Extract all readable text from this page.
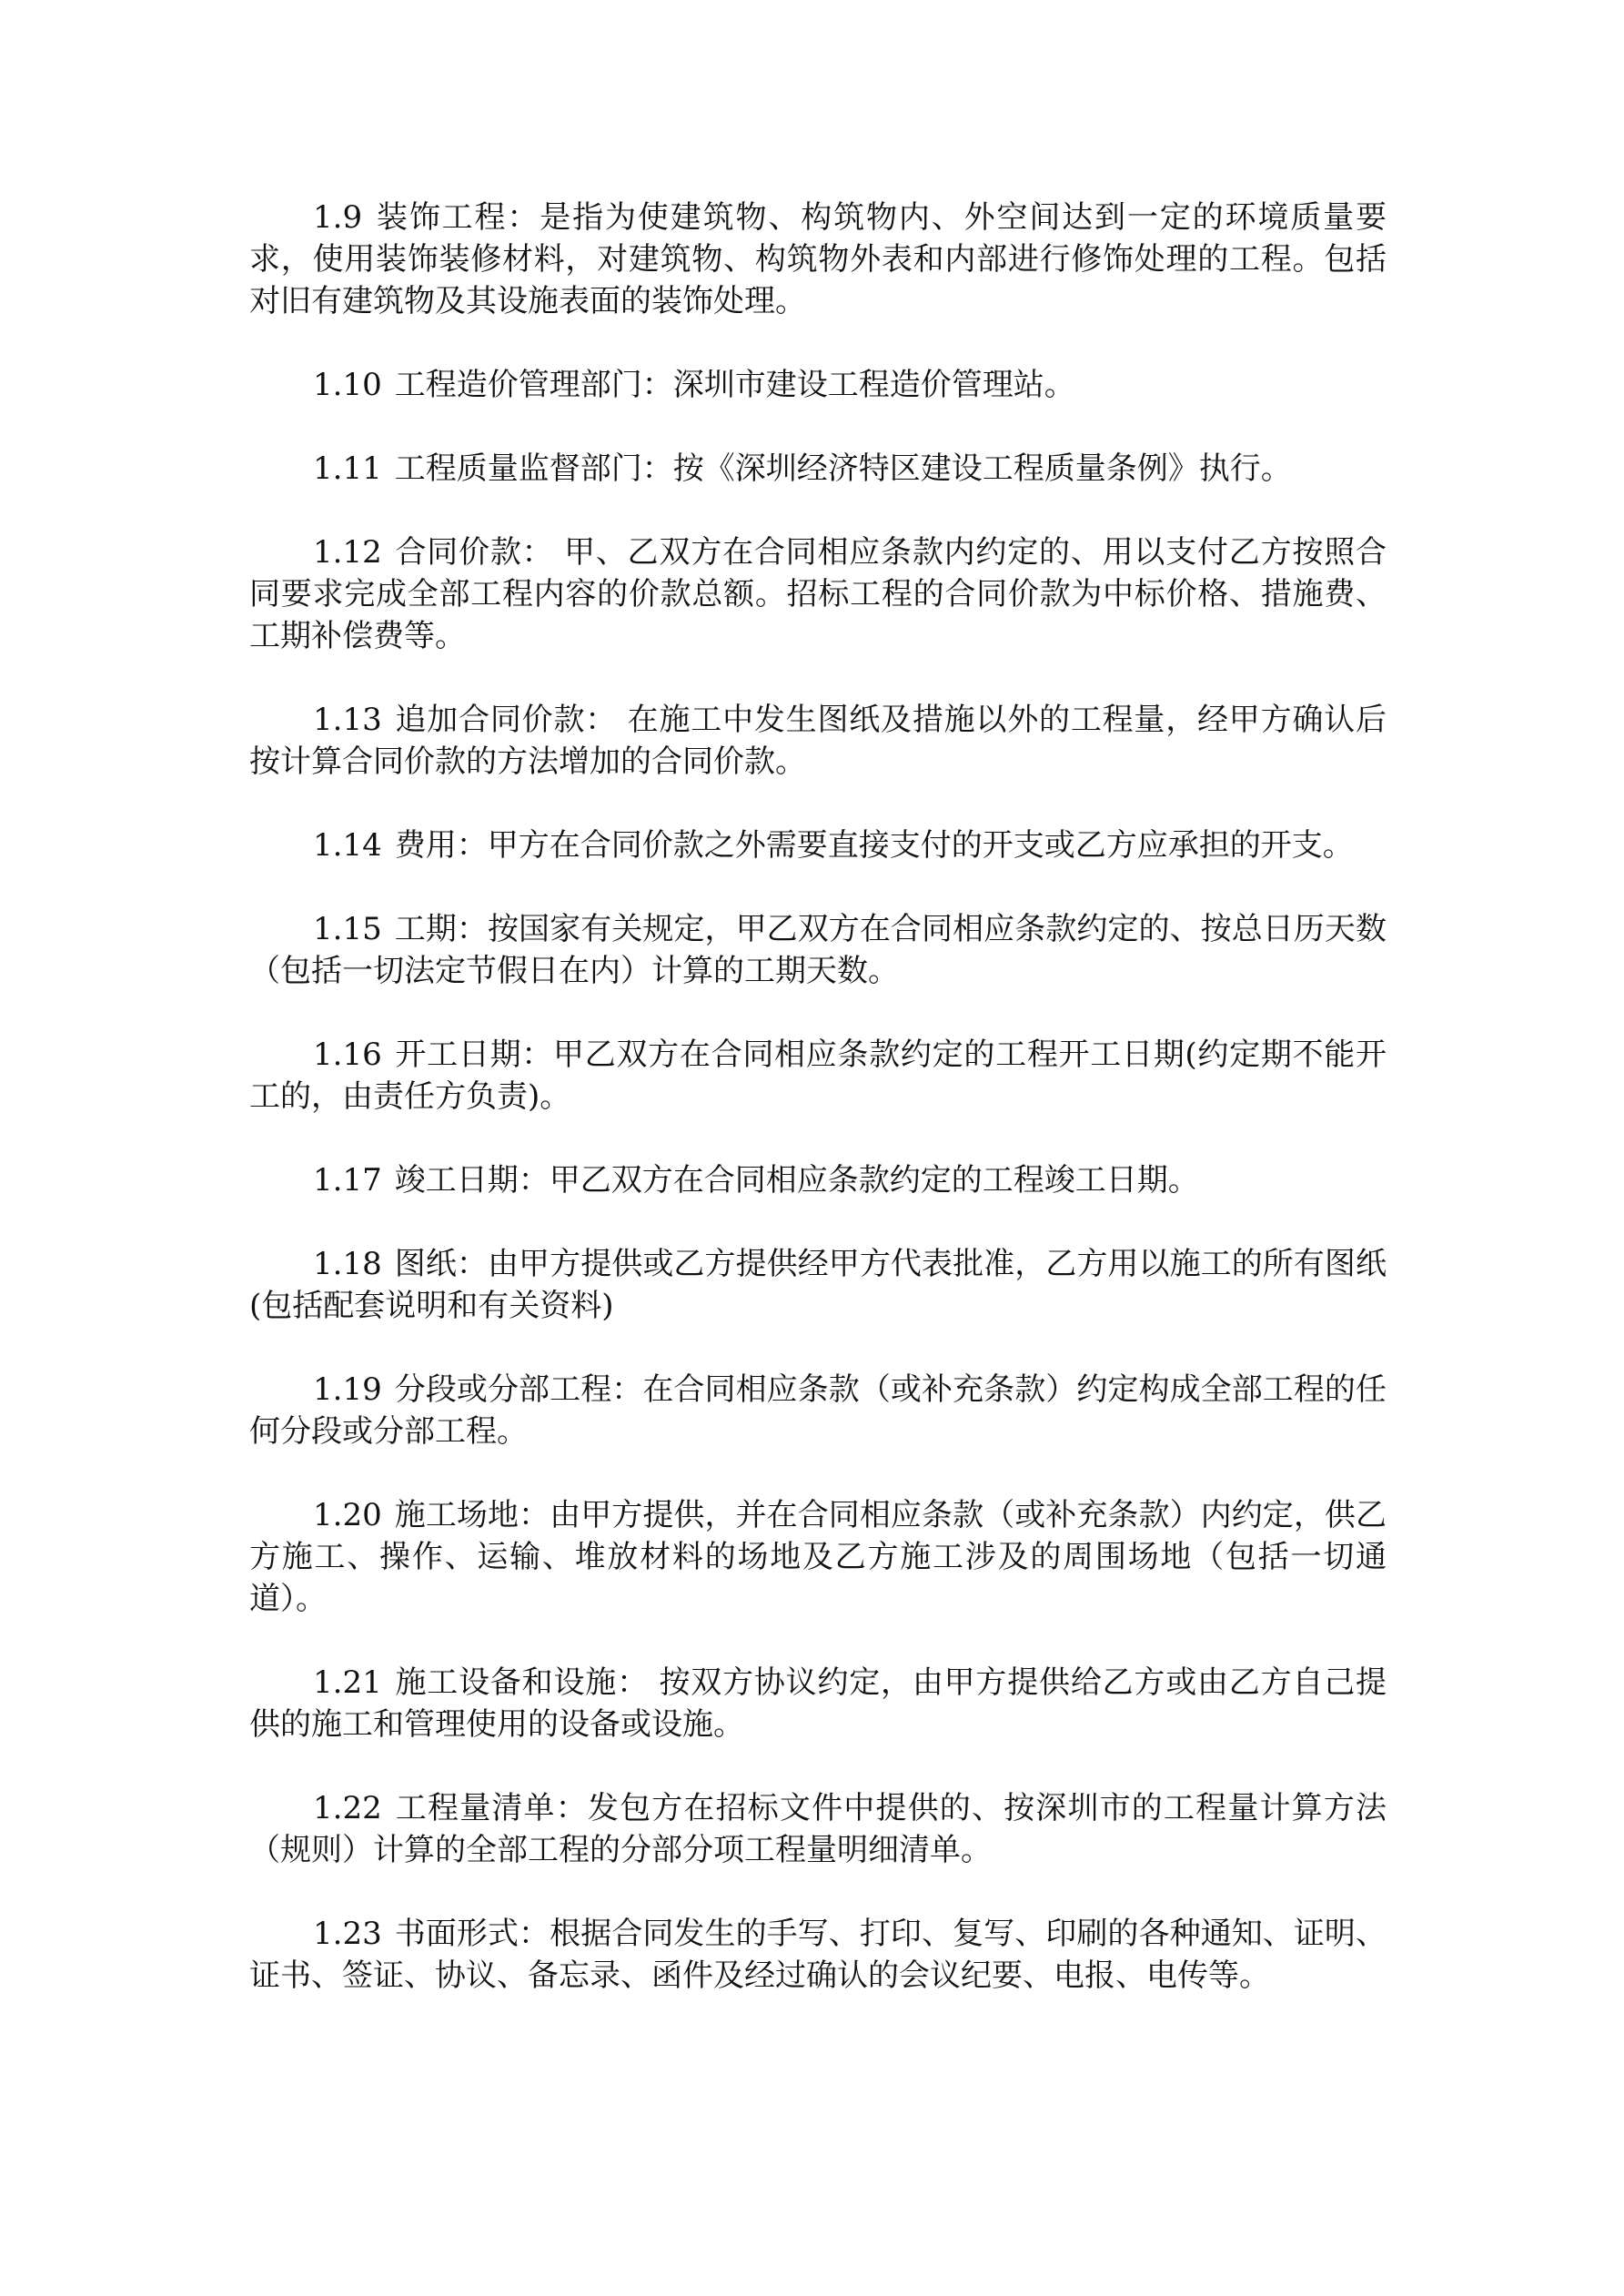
1.9 装饰工程：是指为使建筑物、构筑物内、外空间达到一定的环境质量要求，使用装饰装修材料，对建筑物、构筑物外表和内部进行修饰处理的工程。包括对旧有建筑物及其设施表面的装饰处理。

1.10 工程造价管理部门：深圳市建设工程造价管理站。

1.11 工程质量监督部门：按《深圳经济特区建设工程质量条例》执行。

1.12 合同价款： 甲、乙双方在合同相应条款内约定的、用以支付乙方按照合同要求完成全部工程内容的价款总额。招标工程的合同价款为中标价格、措施费、工期补偿费等。

1.13 追加合同价款： 在施工中发生图纸及措施以外的工程量，经甲方确认后按计算合同价款的方法增加的合同价款。

1.14 费用：甲方在合同价款之外需要直接支付的开支或乙方应承担的开支。

1.15 工期：按国家有关规定，甲乙双方在合同相应条款约定的、按总日历天数（包括一切法定节假日在内）计算的工期天数。

1.16 开工日期：甲乙双方在合同相应条款约定的工程开工日期(约定期不能开工的，由责任方负责)。

1.17 竣工日期：甲乙双方在合同相应条款约定的工程竣工日期。

1.18 图纸：由甲方提供或乙方提供经甲方代表批准，乙方用以施工的所有图纸(包括配套说明和有关资料)

1.19 分段或分部工程：在合同相应条款（或补充条款）约定构成全部工程的任何分段或分部工程。

1.20 施工场地：由甲方提供，并在合同相应条款（或补充条款）内约定，供乙方施工、操作、运输、堆放材料的场地及乙方施工涉及的周围场地（包括一切通道）。

1.21 施工设备和设施： 按双方协议约定，由甲方提供给乙方或由乙方自己提供的施工和管理使用的设备或设施。

1.22 工程量清单：发包方在招标文件中提供的、按深圳市的工程量计算方法（规则）计算的全部工程的分部分项工程量明细清单。

1.23 书面形式：根据合同发生的手写、打印、复写、印刷的各种通知、证明、证书、签证、协议、备忘录、函件及经过确认的会议纪要、电报、电传等。
